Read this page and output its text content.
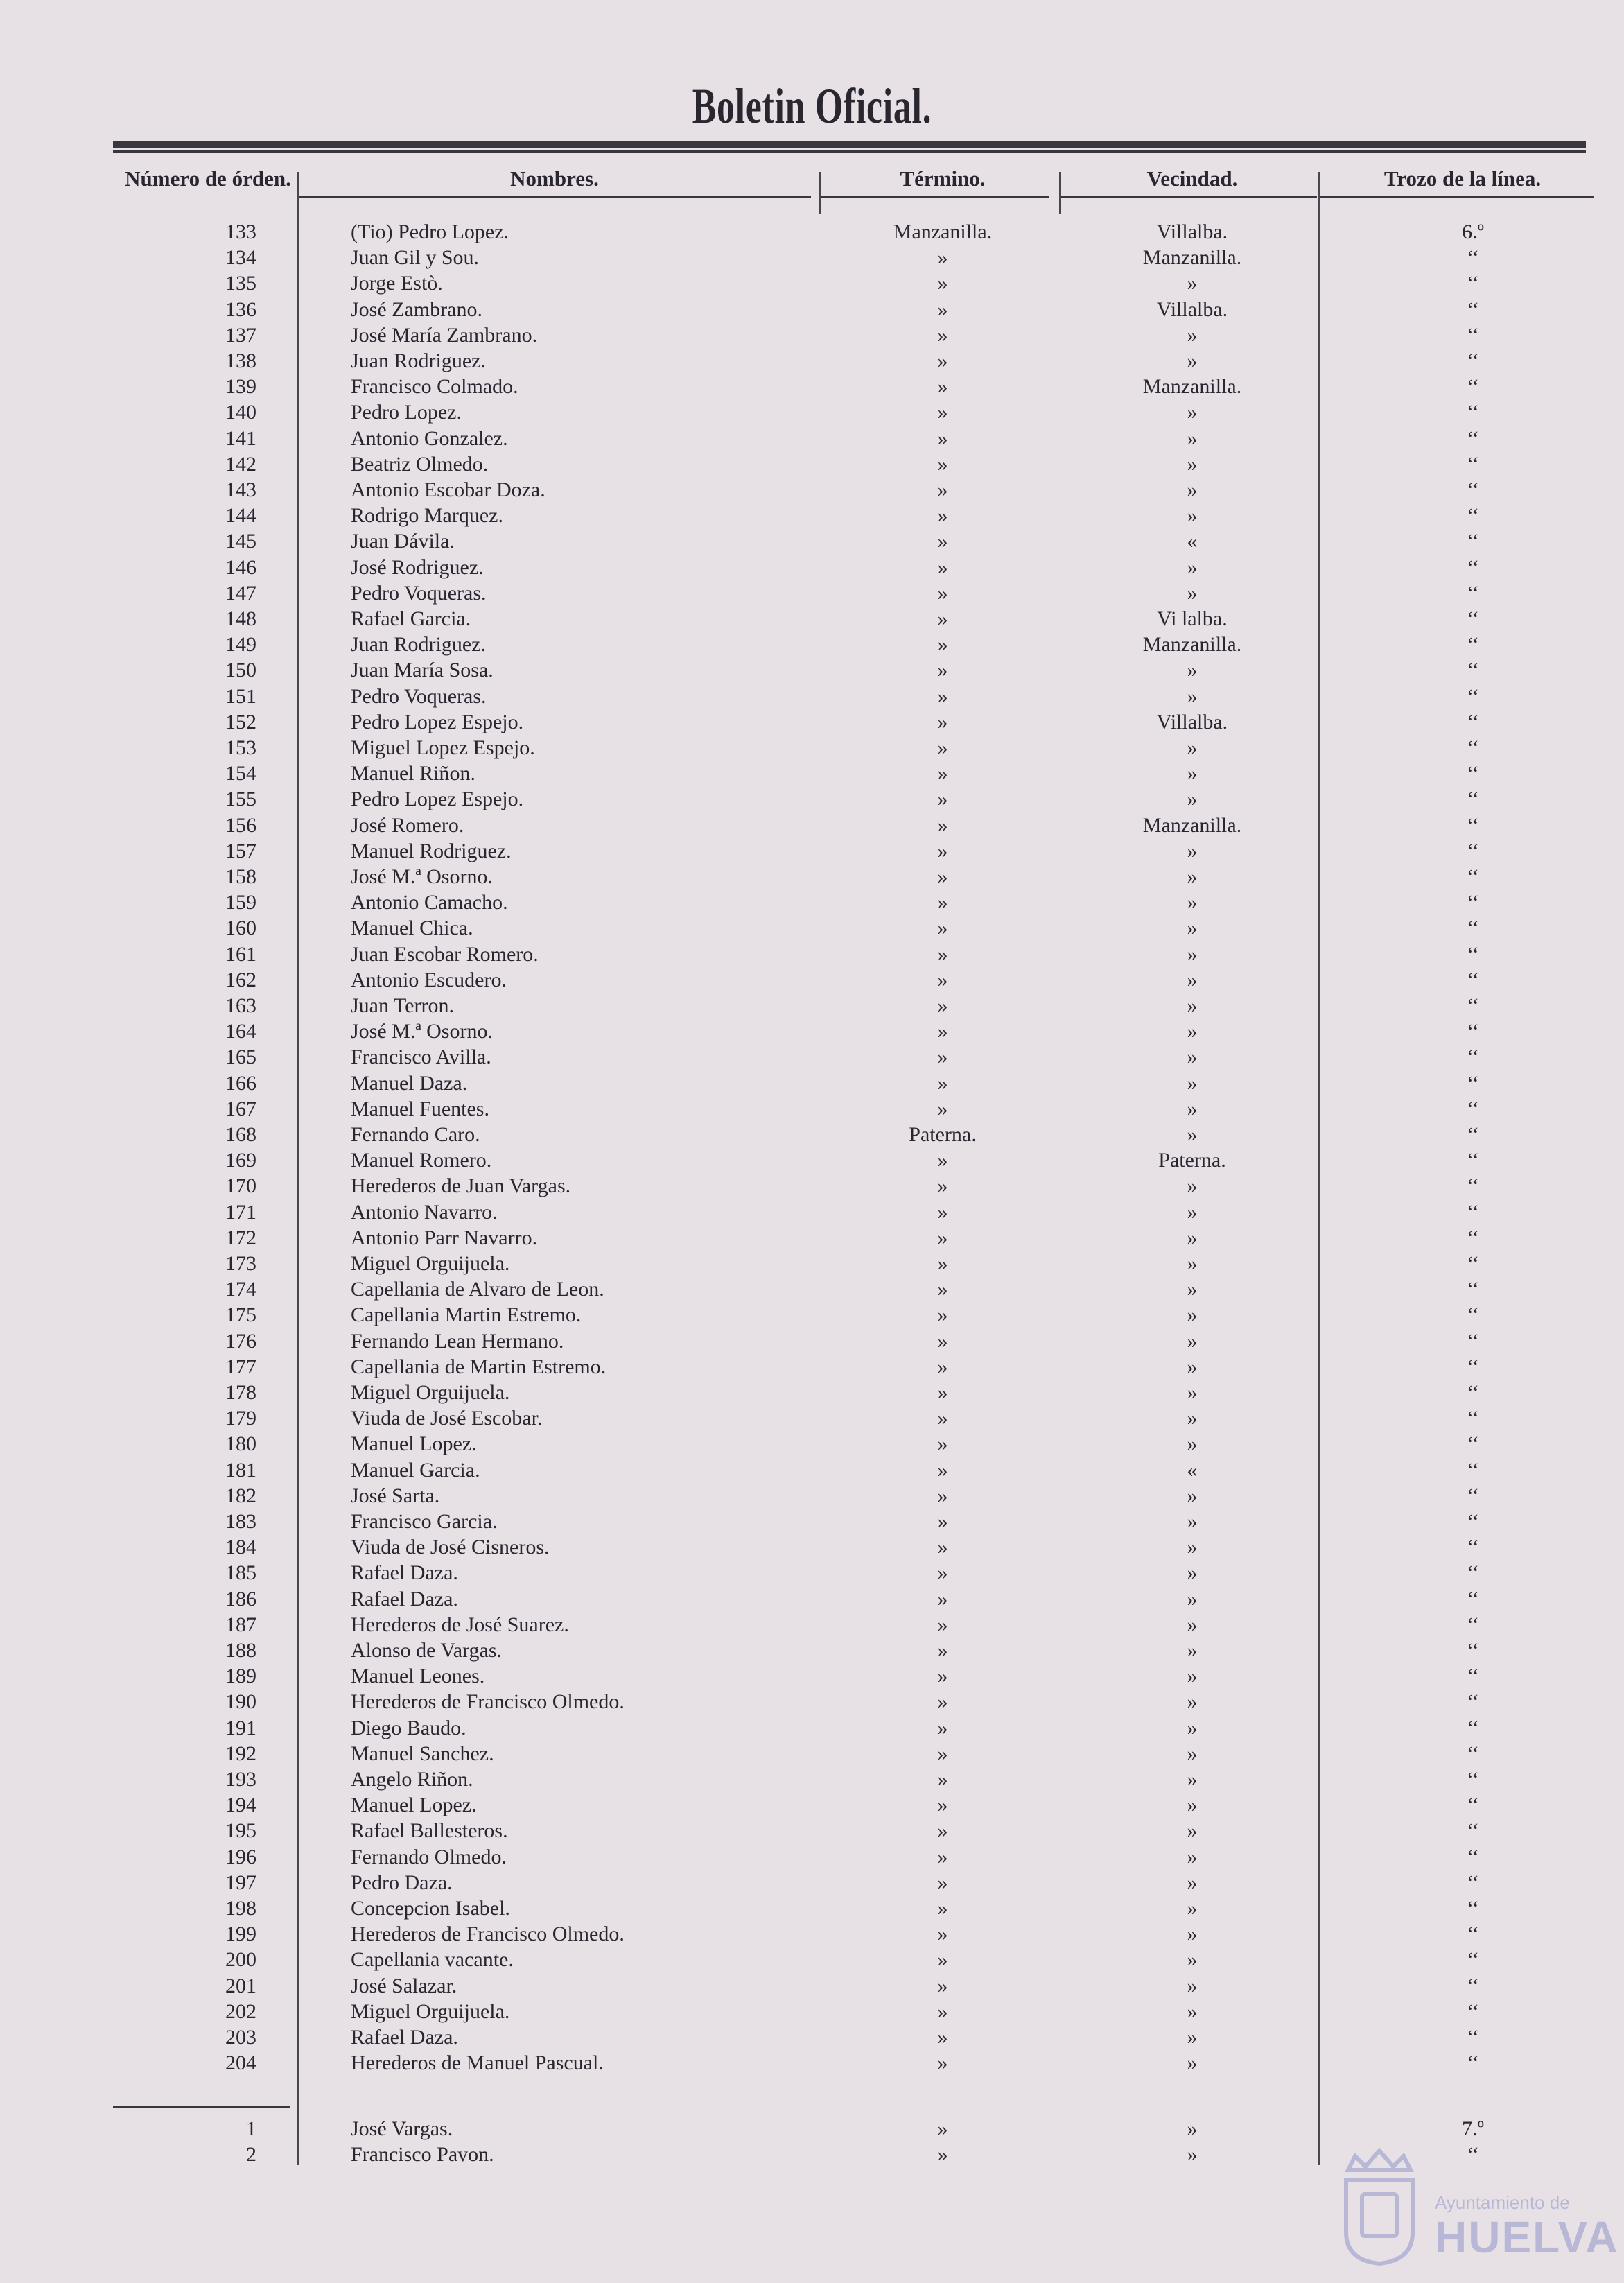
Boletin Oficial.
Número de órden.	Nombres.	Término.	Vecindad.	Trozo de la línea.
133	(Tio) Pedro Lopez.	Manzanilla.	Villalba.	6.º
134	Juan Gil y Sou.	»	Manzanilla.	‘‘
135	Jorge Estò.	»	»	‘‘
136	José Zambrano.	»	Villalba.	‘‘
137	José María Zambrano.	»	»	‘‘
138	Juan Rodriguez.	»	»	‘‘
139	Francisco Colmado.	»	Manzanilla.	‘‘
140	Pedro Lopez.	»	»	‘‘
141	Antonio Gonzalez.	»	»	‘‘
142	Beatriz Olmedo.	»	»	‘‘
143	Antonio Escobar Doza.	»	»	‘‘
144	Rodrigo Marquez.	»	»	‘‘
145	Juan Dávila.	»	«	‘‘
146	José Rodriguez.	»	»	‘‘
147	Pedro Voqueras.	»	»	‘‘
148	Rafael Garcia.	»	Vi lalba.	‘‘
149	Juan Rodriguez.	»	Manzanilla.	‘‘
150	Juan María Sosa.	»	»	‘‘
151	Pedro Voqueras.	»	»	‘‘
152	Pedro Lopez Espejo.	»	Villalba.	‘‘
153	Miguel Lopez Espejo.	»	»	‘‘
154	Manuel Riñon.	»	»	‘‘
155	Pedro Lopez Espejo.	»	»	‘‘
156	José Romero.	»	Manzanilla.	‘‘
157	Manuel Rodriguez.	»	»	‘‘
158	José M.ª Osorno.	»	»	‘‘
159	Antonio Camacho.	»	»	‘‘
160	Manuel Chica.	»	»	‘‘
161	Juan Escobar Romero.	»	»	‘‘
162	Antonio Escudero.	»	»	‘‘
163	Juan Terron.	»	»	‘‘
164	José M.ª Osorno.	»	»	‘‘
165	Francisco Avilla.	»	»	‘‘
166	Manuel Daza.	»	»	‘‘
167	Manuel Fuentes.	»	»	‘‘
168	Fernando Caro.	Paterna.	»	‘‘
169	Manuel Romero.	»	Paterna.	‘‘
170	Herederos de Juan Vargas.	»	»	‘‘
171	Antonio Navarro.	»	»	‘‘
172	Antonio Parr Navarro.	»	»	‘‘
173	Miguel Orguijuela.	»	»	‘‘
174	Capellania de Alvaro de Leon.	»	»	‘‘
175	Capellania Martin Estremo.	»	»	‘‘
176	Fernando Lean Hermano.	»	»	‘‘
177	Capellania de Martin Estremo.	»	»	‘‘
178	Miguel Orguijuela.	»	»	‘‘
179	Viuda de José Escobar.	»	»	‘‘
180	Manuel Lopez.	»	»	‘‘
181	Manuel Garcia.	»	«	‘‘
182	José Sarta.	»	»	‘‘
183	Francisco Garcia.	»	»	‘‘
184	Viuda de José Cisneros.	»	»	‘‘
185	Rafael Daza.	»	»	‘‘
186	Rafael Daza.	»	»	‘‘
187	Herederos de José Suarez.	»	»	‘‘
188	Alonso de Vargas.	»	»	‘‘
189	Manuel Leones.	»	»	‘‘
190	Herederos de Francisco Olmedo.	»	»	‘‘
191	Diego Baudo.	»	»	‘‘
192	Manuel Sanchez.	»	»	‘‘
193	Angelo Riñon.	»	»	‘‘
194	Manuel Lopez.	»	»	‘‘
195	Rafael Ballesteros.	»	»	‘‘
196	Fernando Olmedo.	»	»	‘‘
197	Pedro Daza.	»	»	‘‘
198	Concepcion Isabel.	»	»	‘‘
199	Herederos de Francisco Olmedo.	»	»	‘‘
200	Capellania vacante.	»	»	‘‘
201	José Salazar.	»	»	‘‘
202	Miguel Orguijuela.	»	»	‘‘
203	Rafael Daza.	»	»	‘‘
204	Herederos de Manuel Pascual.	»	»	‘‘
1	José Vargas.	»	»	7.º
2	Francisco Pavon.	»	»	‘‘
Ayuntamiento de
HUELVA
